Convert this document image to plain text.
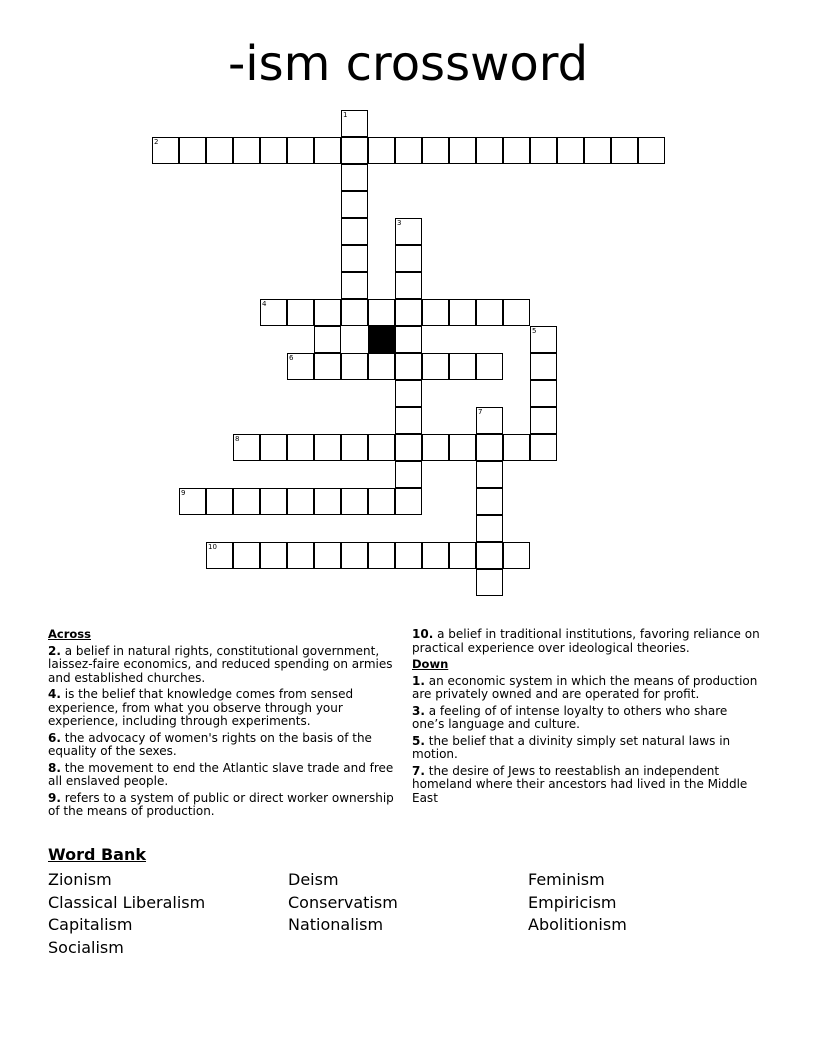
-ism crossword
1
2
3
4
5
6
7
8
9
10
Across
2. a belief in natural rights, constitutional government, laissez-faire economics, and reduced spending on armies and established churches.
4. is the belief that knowledge comes from sensed experience, from what you observe through your experience, including through experiments.
6. the advocacy of women's rights on the basis of the equality of the sexes.
8. the movement to end the Atlantic slave trade and free all enslaved people.
9. refers to a system of public or direct worker ownership of the means of production.
10. a belief in traditional institutions, favoring reliance on practical experience over ideological theories.
Down
1. an economic system in which the means of production are privately owned and are operated for profit.
3. a feeling of of intense loyalty to others who share one’s language and culture.
5. the belief that a divinity simply set natural laws in motion.
7. the desire of Jews to reestablish an independent homeland where their ancestors had lived in the Middle East
Word Bank
Zionism
Classical Liberalism
Capitalism
Socialism
Deism
Conservatism
Nationalism
Feminism
Empiricism
Abolitionism
